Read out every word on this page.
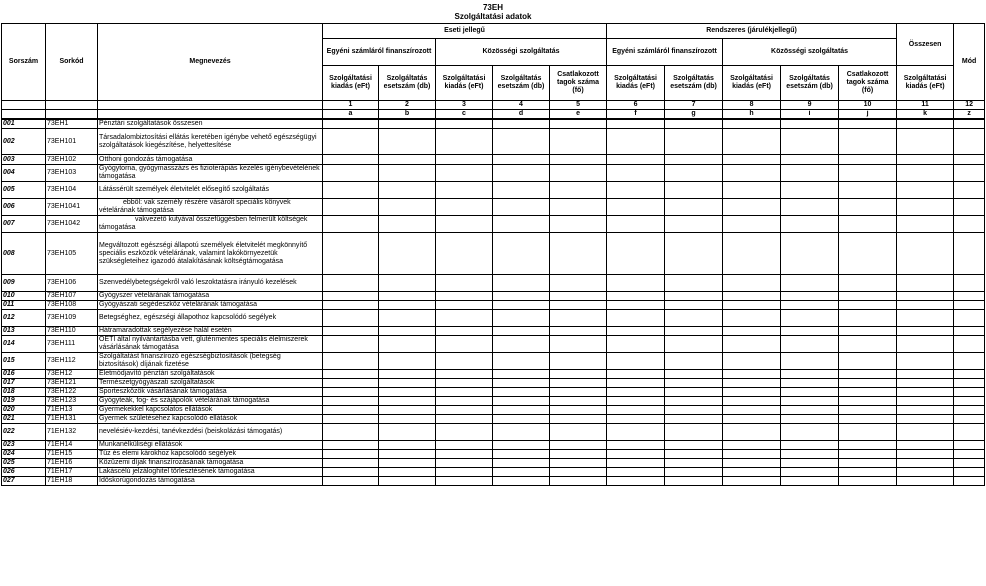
73EH
Szolgáltatási adatok
Sorszám	Sorkód	Megnevezés	Eseti jellegű					Rendszeres (járulékjellegű)					Összesen	Mód
			Egyéni számláról finanszírozott		Közösségi szolgáltatás			Egyéni számláról finanszírozott		Közösségi szolgáltatás				
			Szolgáltatási kiadás (eFt)	Szolgáltatás esetszám (db)	Szolgáltatási kiadás (eFt)	Szolgáltatás esetszám (db)	Csatlakozott tagok száma (fő)	Szolgáltatási kiadás (eFt)	Szolgáltatás esetszám (db)	Szolgáltatási kiadás (eFt)	Szolgáltatás esetszám (db)	Csatlakozott tagok száma (fő)	Szolgáltatási kiadás (eFt)	
			1	2	3	4	5	6	7	8	9	10	11	12
			a	b	c	d	e	f	g	h	i	j	k	z
001	73EH1	Pénztári szolgáltatások összesen												
002	73EH101	Társadalombiztosítási ellátás keretében igénybe vehető egészségügyi szolgáltatások kiegészítése, helyettesítése												
003	73EH102	Otthoni gondozás támogatása												
004	73EH103	Gyógytorna, gyógymasszázs és fizioterápiás kezelés igénybevételének támogatása												
005	73EH104	Látássérült személyek életvitelét elősegítő szolgáltatás												
006	73EH1041	ebből: vak személy részére vásárolt speciális könyvek vételárának támogatása												
007	73EH1042	vakvezető kutyával összefüggésben felmerült költségek támogatása												
008	73EH105	Megváltozott egészségi állapotú személyek életvitelét megkönnyítő speciális eszközök vételárának, valamint lakókörnyezetük szükségleteihez igazodó átalakításának költségtámogatása												
009	73EH106	Szenvedélybetegségekről való leszoktatásra irányuló kezelések												
010	73EH107	Gyógyszer vételárának támogatása												
011	73EH108	Gyógyászati segédeszköz vételárának támogatása												
012	73EH109	Betegséghez, egészségi állapothoz kapcsolódó segélyek												
013	73EH110	Hátramaradottak segélyezése halál esetén												
014	73EH111	OÉTI által nyilvántartásba vett, gluténmentes speciális élelmiszerek vásárlásának támogatása												
015	73EH112	Szolgáltatást finanszírozó egészségbiztosítások (betegség biztosítások) díjának fizetése												
016	73EH12	Életmódjavító pénztári szolgáltatások												
017	73EH121	Természetgyógyászati szolgáltatások												
018	73EH122	Sporteszközök vásárlásának támogatása												
019	73EH123	Gyógyteák, fog- és szájápolók vételárának támogatása												
020	71EH13	Gyermekekkel kapcsolatos ellátások												
021	71EH131	Gyermek születéséhez kapcsolódó ellátások												
022	71EH132	nevelésiév-kezdési, tanévkezdési (beiskolázási támogatás)												
023	71EH14	Munkanélküliségi ellátások												
024	71EH15	Tűz és elemi károkhoz kapcsolódó segélyek												
025	71EH16	Közüzemi díjak finanszírozásának támogatása												
026	71EH17	Lakáscélú jelzáloghitel törlesztésének támogatása												
027	71EH18	Időskorúgondozás támogatása												
